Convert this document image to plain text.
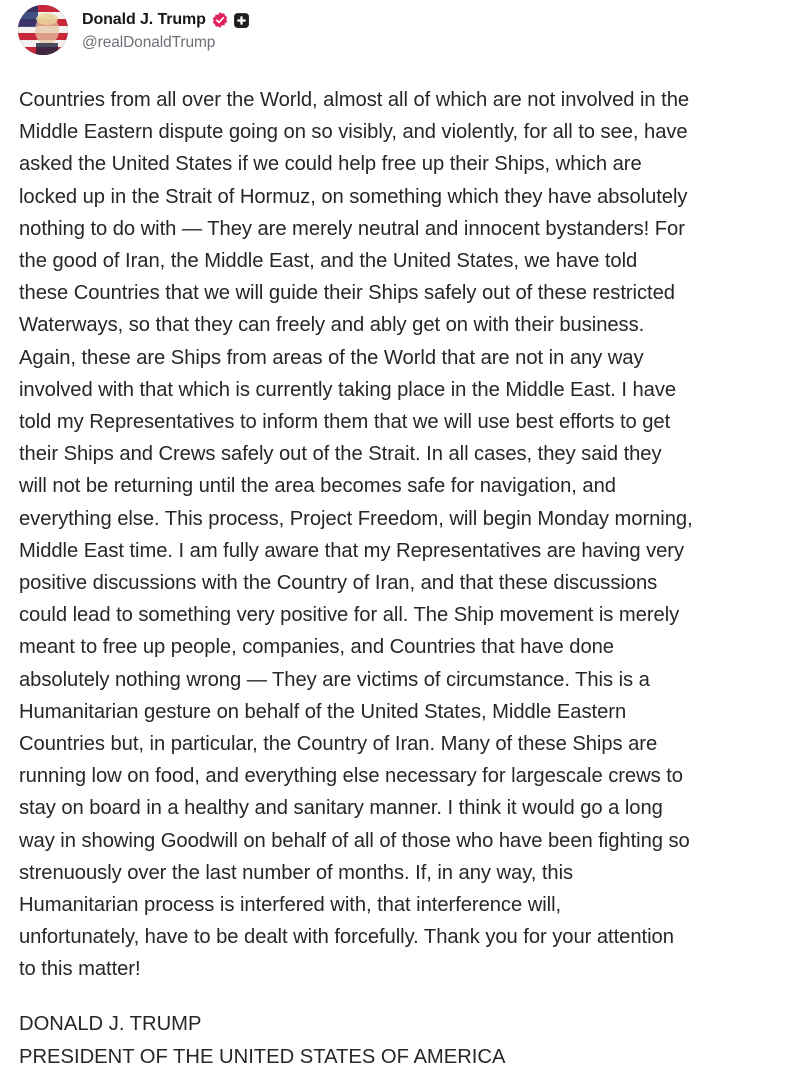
Donald J. Trump
@realDonaldTrump
Countries from all over the World, almost all of which are not involved in the
Middle Eastern dispute going on so visibly, and violently, for all to see, have
asked the United States if we could help free up their Ships, which are
locked up in the Strait of Hormuz, on something which they have absolutely
nothing to do with — They are merely neutral and innocent bystanders! For
the good of Iran, the Middle East, and the United States, we have told
these Countries that we will guide their Ships safely out of these restricted
Waterways, so that they can freely and ably get on with their business.
Again, these are Ships from areas of the World that are not in any way
involved with that which is currently taking place in the Middle East. I have
told my Representatives to inform them that we will use best efforts to get
their Ships and Crews safely out of the Strait. In all cases, they said they
will not be returning until the area becomes safe for navigation, and
everything else. This process, Project Freedom, will begin Monday morning,
Middle East time. I am fully aware that my Representatives are having very
positive discussions with the Country of Iran, and that these discussions
could lead to something very positive for all. The Ship movement is merely
meant to free up people, companies, and Countries that have done
absolutely nothing wrong — They are victims of circumstance. This is a
Humanitarian gesture on behalf of the United States, Middle Eastern
Countries but, in particular, the Country of Iran. Many of these Ships are
running low on food, and everything else necessary for largescale crews to
stay on board in a healthy and sanitary manner. I think it would go a long
way in showing Goodwill on behalf of all of those who have been fighting so
strenuously over the last number of months. If, in any way, this
Humanitarian process is interfered with, that interference will,
unfortunately, have to be dealt with forcefully. Thank you for your attention
to this matter!
DONALD J. TRUMP
PRESIDENT OF THE UNITED STATES OF AMERICA
